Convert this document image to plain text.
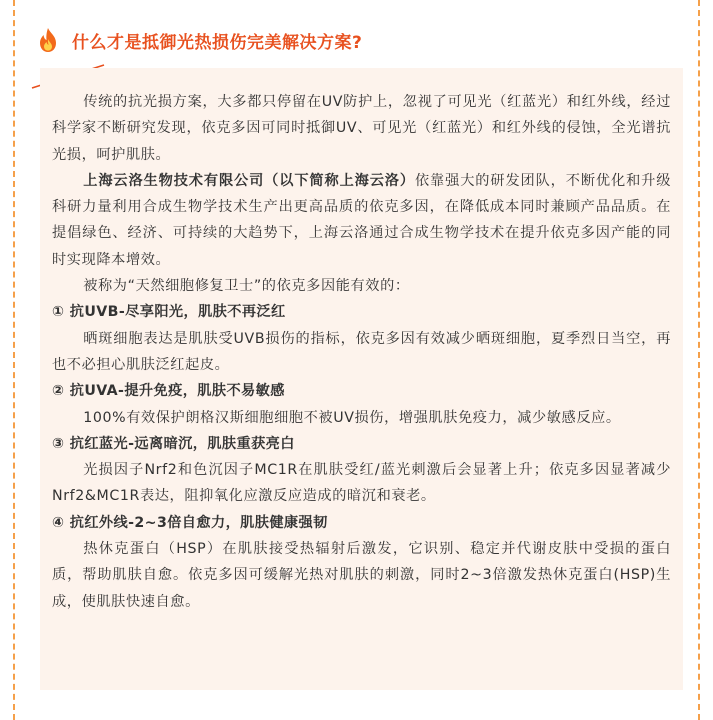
什么才是抵御光热损伤完美解决方案?

传统的抗光损方案，大多都只停留在UV防护上，忽视了可见光（红蓝光）和红外线，经过科学家不断研究发现，依克多因可同时抵御UV、可见光（红蓝光）和红外线的侵蚀，全光谱抗光损，呵护肌肤。

上海云洛生物技术有限公司（以下简称上海云洛）依靠强大的研发团队，不断优化和升级科研力量利用合成生物学技术生产出更高品质的依克多因，在降低成本同时兼顾产品品质。在提倡绿色、经济、可持续的大趋势下，上海云洛通过合成生物学技术在提升依克多因产能的同时实现降本增效。

被称为“天然细胞修复卫士”的依克多因能有效的：

① 抗UVB-尽享阳光，肌肤不再泛红

晒斑细胞表达是肌肤受UVB损伤的指标，依克多因有效减少晒斑细胞，夏季烈日当空，再也不必担心肌肤泛红起皮。

② 抗UVA-提升免疫，肌肤不易敏感

100%有效保护朗格汉斯细胞细胞不被UV损伤，增强肌肤免疫力，减少敏感反应。

③ 抗红蓝光-远离暗沉，肌肤重获亮白

光损因子Nrf2和色沉因子MC1R在肌肤受红/蓝光刺激后会显著上升；依克多因显著减少Nrf2&MC1R表达，阻抑氧化应激反应造成的暗沉和衰老。

④ 抗红外线-2~3倍自愈力，肌肤健康强韧

热休克蛋白（HSP）在肌肤接受热辐射后激发，它识别、稳定并代谢皮肤中受损的蛋白质，帮助肌肤自愈。依克多因可缓解光热对肌肤的刺激，同时2~3倍激发热休克蛋白(HSP)生成，使肌肤快速自愈。
